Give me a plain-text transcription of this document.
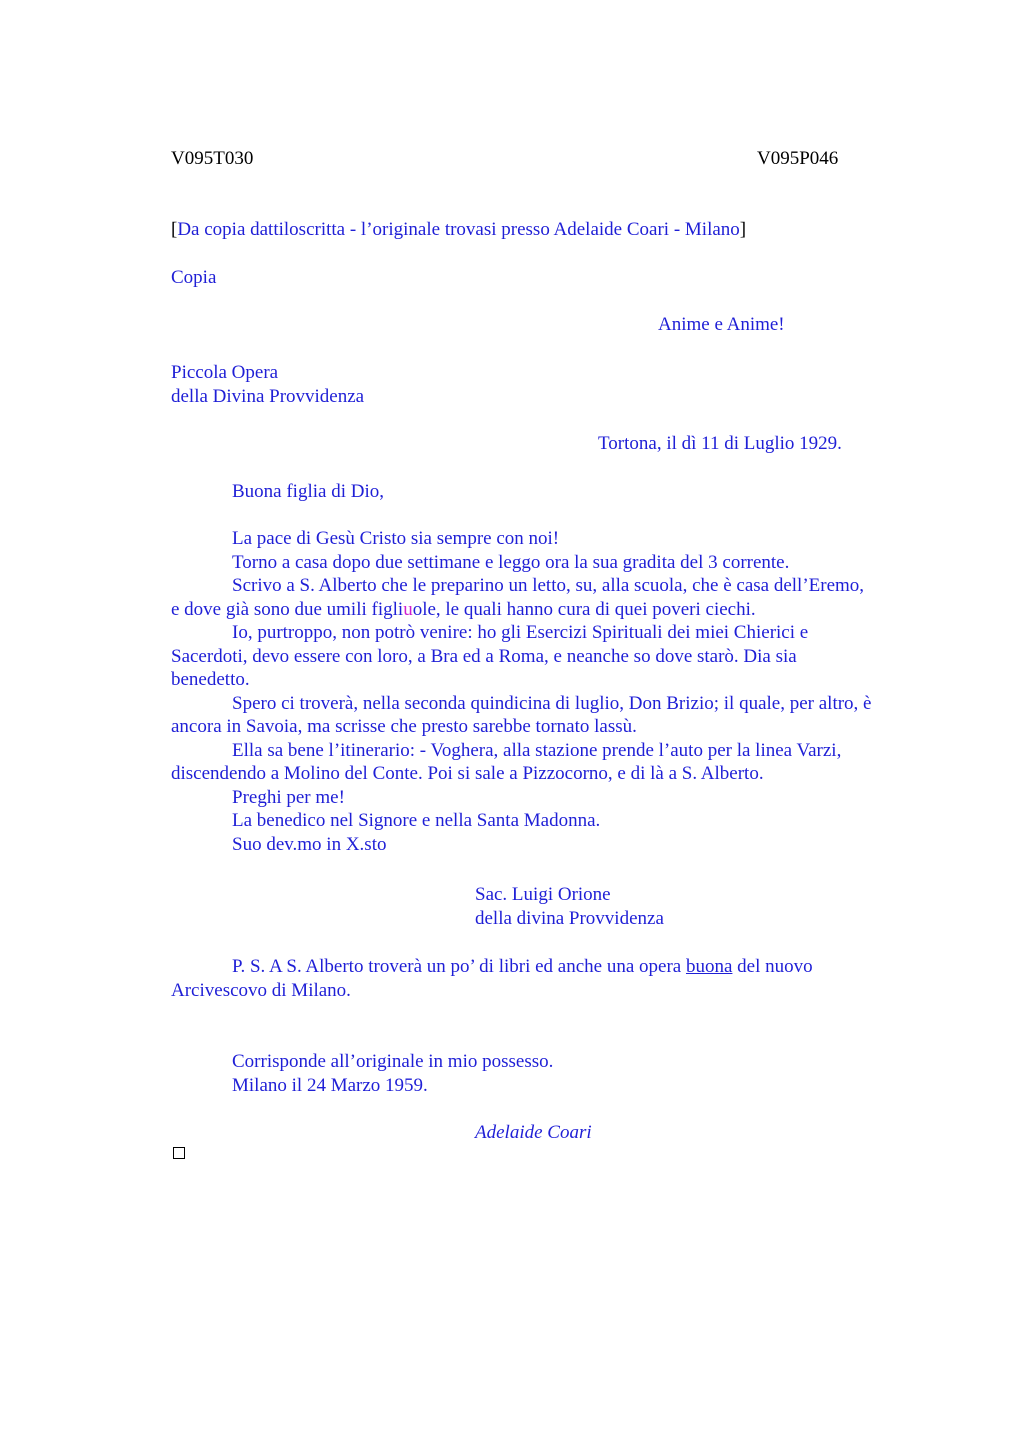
V095T030	V095P046
[Da copia dattiloscritta - l’originale trovasi presso Adelaide Coari - Milano]
Copia
Anime e Anime!
Piccola Opera
della Divina Provvidenza
Tortona, il dì 11 di Luglio 1929.
Buona figlia di Dio,
La pace di Gesù Cristo sia sempre con noi!
Torno a casa dopo due settimane e leggo ora la sua gradita del 3 corrente.
Scrivo a S. Alberto che le preparino un letto, su, alla scuola, che è casa dell’Eremo,
e dove già sono due umili figliuole, le quali hanno cura di quei poveri ciechi.
Io, purtroppo, non potrò venire: ho gli Esercizi Spirituali dei miei Chierici e
Sacerdoti, devo essere con loro, a Bra ed a Roma, e neanche so dove starò. Dia sia
benedetto.
Spero ci troverà, nella seconda quindicina di luglio, Don Brizio; il quale, per altro, è
ancora in Savoia, ma scrisse che presto sarebbe tornato lassù.
Ella sa bene l’itinerario: - Voghera, alla stazione prende l’auto per la linea Varzi,
discendendo a Molino del Conte. Poi si sale a Pizzocorno, e di là a S. Alberto.
Preghi per me!
La benedico nel Signore e nella Santa Madonna.
Suo dev.mo in X.sto
Sac. Luigi Orione
della divina Provvidenza
P. S. A S. Alberto troverà un po’ di libri ed anche una opera buona del nuovo
Arcivescovo di Milano.
Corrisponde all’originale in mio possesso.
Milano il 24 Marzo 1959.
Adelaide Coari
